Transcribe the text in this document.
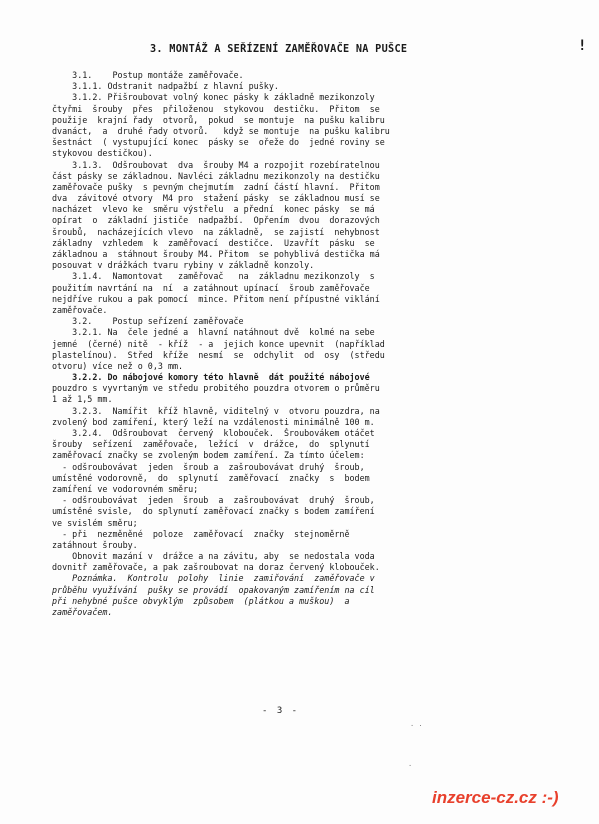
3. MONTÁŽ A SEŘÍZENÍ ZAMĚŘOVAČE NA PUŠCE	!
3.1.    Postup montáže zaměřovače.
3.1.1. Odstranit nadpažbí z hlavní pušky.
3.1.2. Přišroubovat volný konec pásky k základně mezikonzoly
čtyřmi  šrouby  přes  přiloženou  stykovou  destičku.  Přitom  se
použije  krajní řady  otvorů,  pokud  se montuje  na pušku kalibru
dvanáct,  a  druhé řady otvorů.   když se montuje  na pušku kalibru
šestnáct  ( vystupující konec  pásky se  ořeže do  jedné roviny se
stykovou destičkou).
3.1.3.  Odšroubovat  dva  šrouby M4 a rozpojit rozebíratelnou
část pásky se základnou. Navléci základnu mezikonzoly na destičku
zaměřovače pušky  s pevným chejmutím  zadní částí hlavní.  Přitom
dva  závitové otvory  M4 pro  stažení pásky  se základnou musí se
nacházet  vlevo ke  směru výstřelu  a přední  konec pásky  se má
opírat  o  základní jističe  nadpažbí.  Opřením  dvou  dorazových
šroubů,  nacházejících vlevo  na základně,  se zajistí  nehybnost
základny  vzhledem  k  zaměřovací  destičce.  Uzavřít  pásku  se
základnou a  stáhnout šrouby M4. Přitom  se pohyblivá destička má
posouvat v drážkách tvaru rybiny v základně konzoly.
3.1.4.  Namontovat   zaměřovač   na  základnu mezikonzoly  s
použitím navrtání na  ní  a zatáhnout upínací  šroub zaměřovače
nejdříve rukou a pak pomocí  mince. Přitom není přípustné viklání
zaměřovače.
3.2.    Postup seřízení zaměřovače
3.2.1. Na  čele jedné a  hlavní natáhnout dvě  kolmé na sebe
jemné  (černé) nitě  - kříž  - a  jejich konce upevnit  (například
plastelínou).  Střed  kříže  nesmí  se  odchylit  od  osy  (středu
otvoru) více než o 0,3 mm.
3.2.2. Do nábojové komory této hlavně  dát použité nábojové
pouzdro s vyvrtaným ve středu probitého pouzdra otvorem o průměru
1 až 1,5 mm.
3.2.3.  Namířit  kříž hlavně, viditelný v  otvoru pouzdra, na
zvolený bod zamíření, který leží na vzdálenosti minimálně 100 m.
3.2.4.  Odšroubovat  červený  klobouček.  Šroubovákem otáčet
šrouby  seřízení  zaměřovače,  ležící  v  drážce,  do  splynutí
zaměřovací značky se zvoleným bodem zamíření. Za tímto účelem:
- odšroubovávat  jeden  šroub a  zašroubovávat druhý  šroub,
umístěné vodorovně,  do  splynutí  zaměřovací  značky  s  bodem
zamíření ve vodorovném směru;
- odšroubovávat  jeden  šroub  a  zašroubovávat  druhý  šroub,
umístěné svisle,  do splynutí zaměřovací značky s bodem zamíření
ve svislém směru;
- při  nezměněné  poloze  zaměřovací  značky  stejnoměrně
zatáhnout šrouby.
Obnovit mazání v  drážce a na závitu, aby  se nedostala voda
dovnitř zaměřovače, a pak zašroubovat na doraz červený klobouček.
Poznámka.  Kontrolu  polohy  linie  zamiřování  zaměřovače v
průběhu využívání  pušky se provádí  opakovaným zamířením na cíl
při nehybné pušce obvyklým  způsobem  (plátkou a muškou)  a
zaměřovačem.
- 3 -
. .
.
inzerce-cz.cz :-)
